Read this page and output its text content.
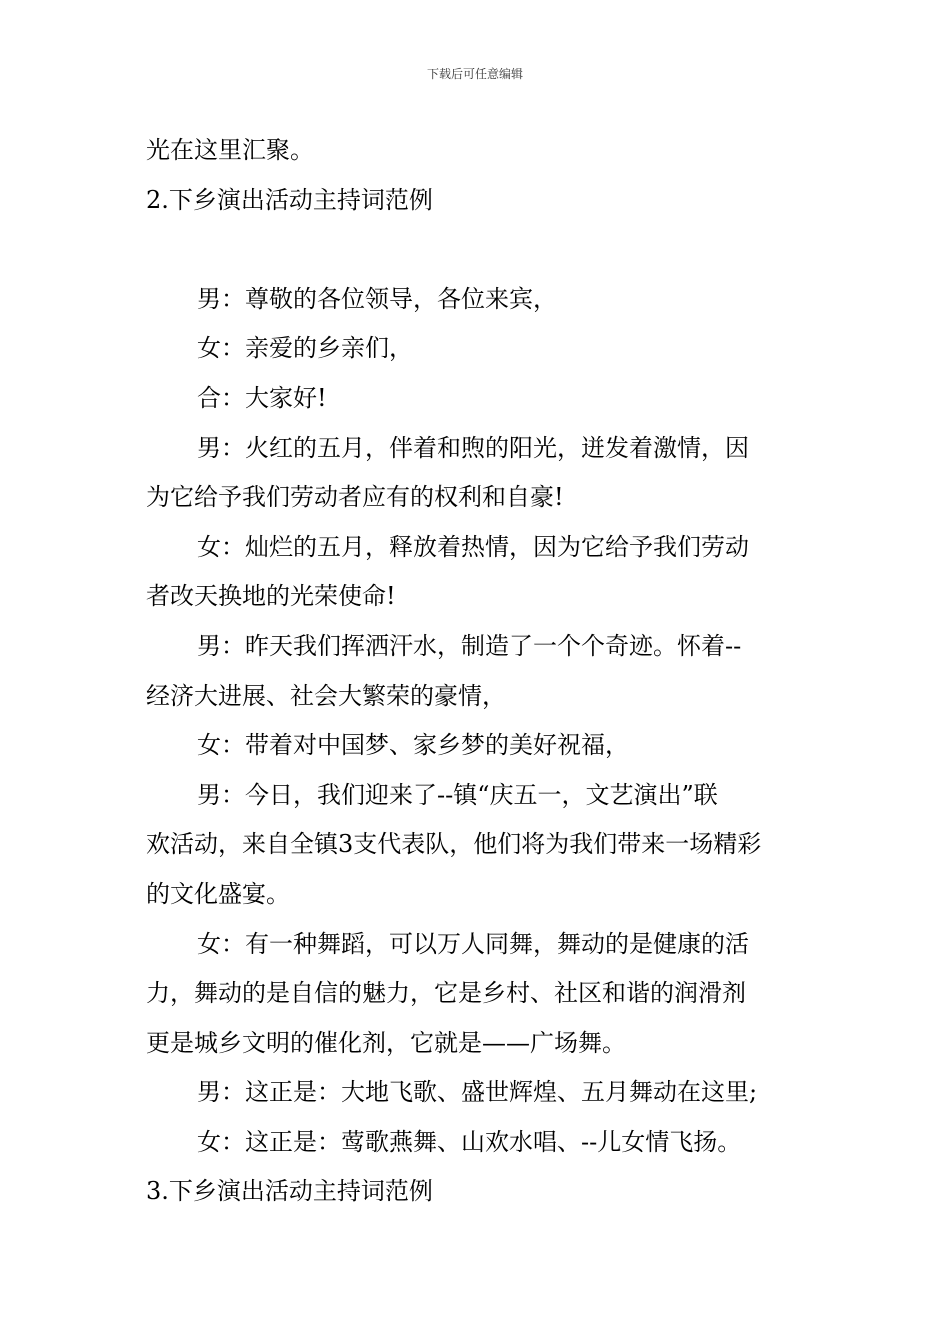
下载后可任意编辑
光在这里汇聚。
2.下乡演出活动主持词范例
男：尊敬的各位领导，各位来宾，
女：亲爱的乡亲们，
合：大家好!
男：火红的五月，伴着和煦的阳光，迸发着激情，因
为它给予我们劳动者应有的权利和自豪!
女：灿烂的五月，释放着热情，因为它给予我们劳动
者改天换地的光荣使命!
男：昨天我们挥洒汗水，制造了一个个奇迹。怀着--
经济大进展、社会大繁荣的豪情，
女：带着对中国梦、家乡梦的美好祝福，
男：今日，我们迎来了--镇“庆五一，文艺演出”联
欢活动，来自全镇3支代表队，他们将为我们带来一场精彩
的文化盛宴。
女：有一种舞蹈，可以万人同舞，舞动的是健康的活
力，舞动的是自信的魅力，它是乡村、社区和谐的润滑剂
更是城乡文明的催化剂，它就是——广场舞。
男：这正是：大地飞歌、盛世辉煌、五月舞动在这里;
女：这正是：莺歌燕舞、山欢水唱、--儿女情飞扬。
3.下乡演出活动主持词范例
